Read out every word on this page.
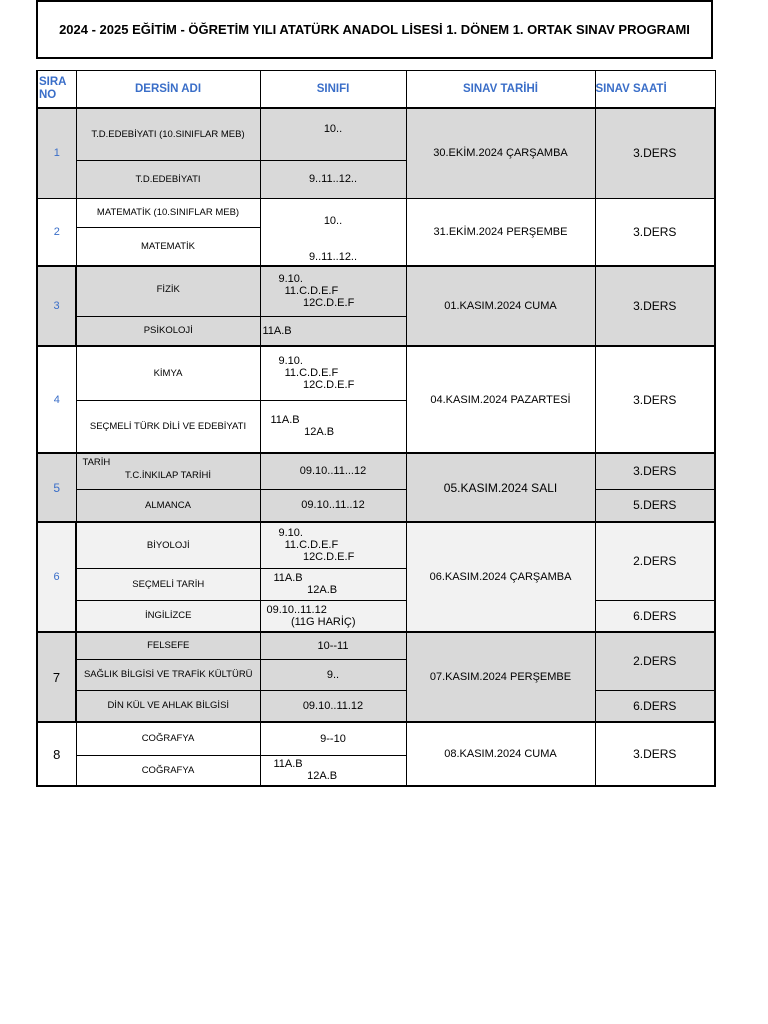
2024 - 2025 EĞİTİM - ÖĞRETİM YILI ATATÜRK ANADOL LİSESİ 1. DÖNEM 1. ORTAK SINAV PROGRAMI
SIRA
NO	DERSİN ADI	SINIFI	SINAV TARİHİ	SINAV SAATİ
1	T.D.EDEBİYATI (10.SINIFLAR MEB)	10..	30.EKİM.2024 ÇARŞAMBA	3.DERS
	T.D.EDEBİYATI	9..11..12..		
2	MATEMATİK (10.SINIFLAR MEB)	10..	31.EKİM.2024 PERŞEMBE	3.DERS
	MATEMATİK	9..11..12..		
3	FİZİK	9.10.
11.C.D.E.F
12C.D.E.F	01.KASIM.2024 CUMA	3.DERS
	PSİKOLOJİ	11A.B		
4	KİMYA	9.10.
11.C.D.E.F
12C.D.E.F	04.KASIM.2024 PAZARTESİ	3.DERS
	SEÇMELİ TÜRK DİLİ VE EDEBİYATI	11A.B
12A.B		
5	TARİH
T.C.İNKILAP TARİHİ	09.10..11...12	05.KASIM.2024 SALI	3.DERS
	ALMANCA	09.10..11..12		5.DERS
6	BİYOLOJİ	9.10.
11.C.D.E.F
12C.D.E.F	06.KASIM.2024 ÇARŞAMBA	2.DERS
	SEÇMELİ TARİH	11A.B
12A.B		
	İNGİLİZCE	09.10..11.12
(11G HARİÇ)		6.DERS
7	FELSEFE	10--11	07.KASIM.2024 PERŞEMBE	2.DERS
	SAĞLIK BİLGİSİ VE TRAFİK KÜLTÜRÜ	9..		
	DİN KÜL VE AHLAK BİLGİSİ	09.10..11.12		6.DERS
8	COĞRAFYA	9--10	08.KASIM.2024 CUMA	3.DERS
	COĞRAFYA	11A.B
12A.B		
